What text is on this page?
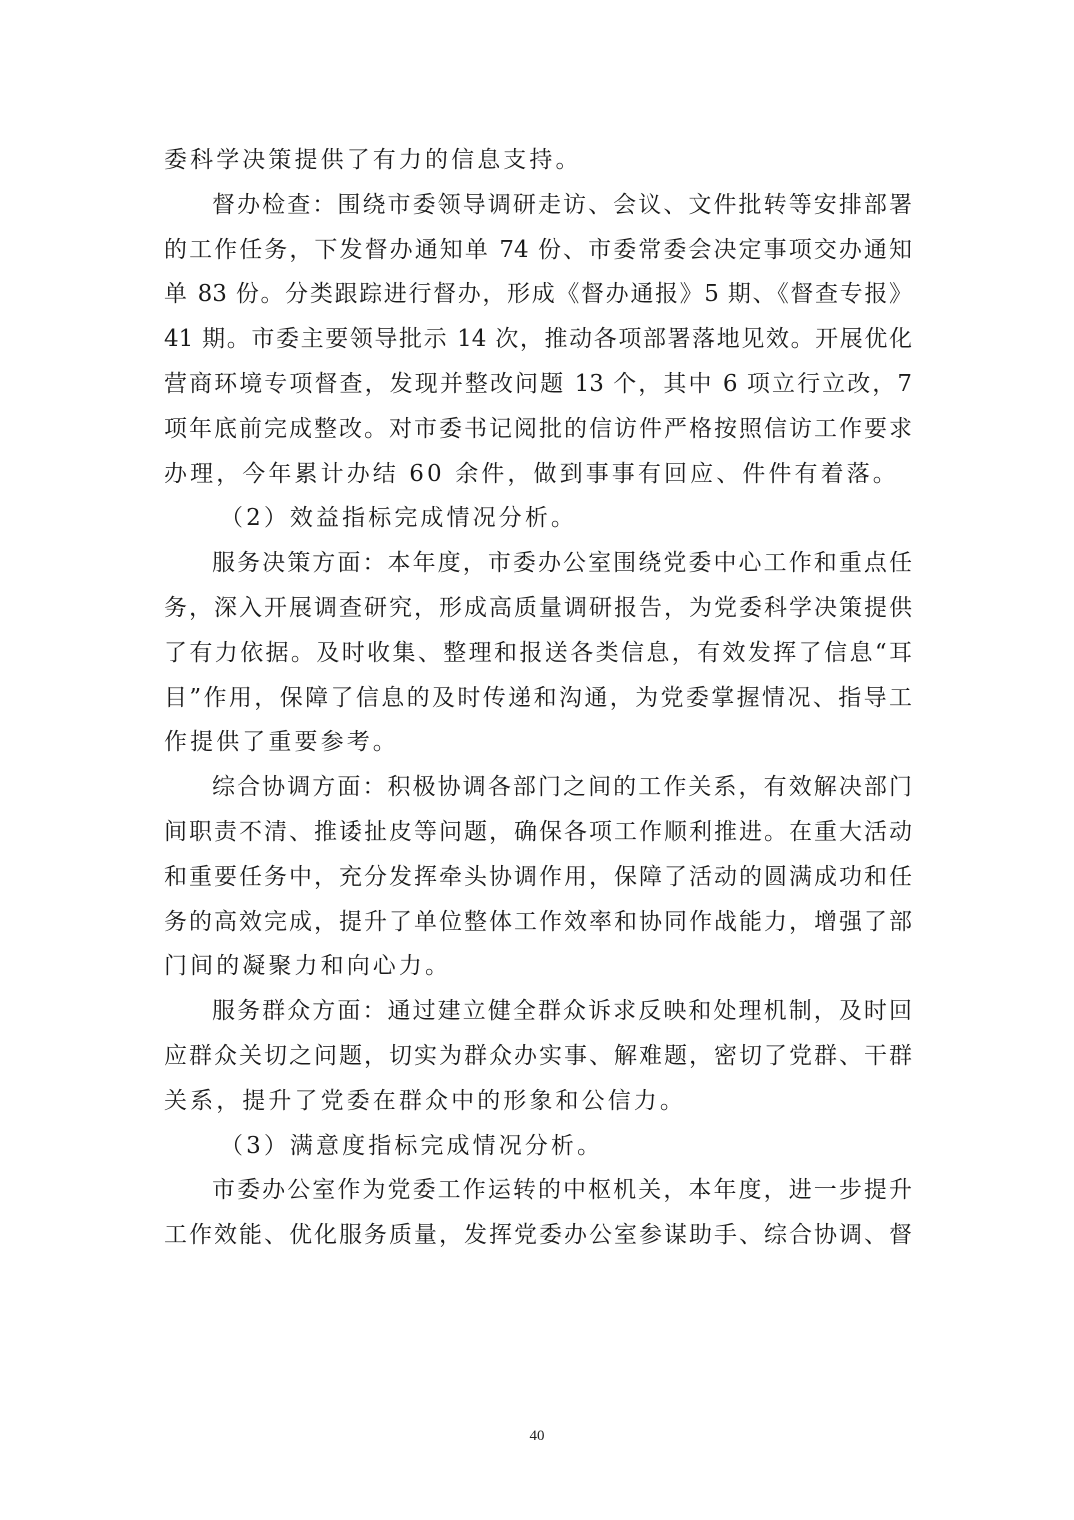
委科学决策提供了有力的信息支持。
督办检查：围绕市委领导调研走访、会议、文件批转等安排部署
的工作任务，下发督办通知单 74 份、市委常委会决定事项交办通知
单 83 份。分类跟踪进行督办，形成《督办通报》5 期、《督查专报》
41 期。市委主要领导批示 14 次，推动各项部署落地见效。开展优化
营商环境专项督查，发现并整改问题 13 个，其中 6 项立行立改，7
项年底前完成整改。对市委书记阅批的信访件严格按照信访工作要求
办理，今年累计办结 60 余件，做到事事有回应、件件有着落。
（2）效益指标完成情况分析。
服务决策方面：本年度，市委办公室围绕党委中心工作和重点任
务，深入开展调查研究，形成高质量调研报告，为党委科学决策提供
了有力依据。及时收集、整理和报送各类信息，有效发挥了信息“耳
目”作用，保障了信息的及时传递和沟通，为党委掌握情况、指导工
作提供了重要参考。
综合协调方面：积极协调各部门之间的工作关系，有效解决部门
间职责不清、推诿扯皮等问题，确保各项工作顺利推进。在重大活动
和重要任务中，充分发挥牵头协调作用，保障了活动的圆满成功和任
务的高效完成，提升了单位整体工作效率和协同作战能力，增强了部
门间的凝聚力和向心力。
服务群众方面：通过建立健全群众诉求反映和处理机制，及时回
应群众关切之问题，切实为群众办实事、解难题，密切了党群、干群
关系，提升了党委在群众中的形象和公信力。
（3）满意度指标完成情况分析。
市委办公室作为党委工作运转的中枢机关，本年度，进一步提升
工作效能、优化服务质量，发挥党委办公室参谋助手、综合协调、督
40
